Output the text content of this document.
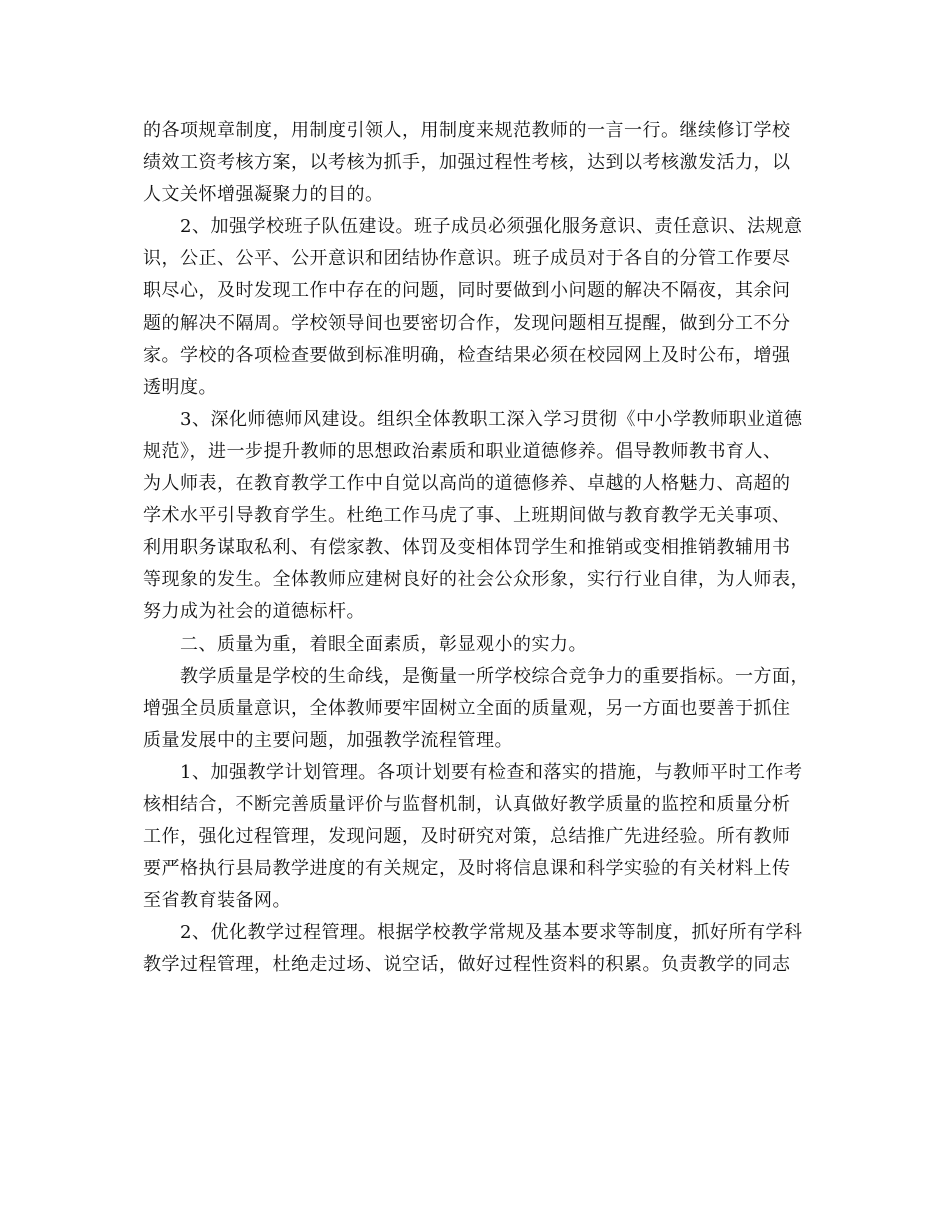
的各项规章制度，用制度引领人，用制度来规范教师的一言一行。继续修订学校
绩效工资考核方案，以考核为抓手，加强过程性考核，达到以考核激发活力，以
人文关怀增强凝聚力的目的。
2、加强学校班子队伍建设。班子成员必须强化服务意识、责任意识、法规意
识，公正、公平、公开意识和团结协作意识。班子成员对于各自的分管工作要尽
职尽心，及时发现工作中存在的问题，同时要做到小问题的解决不隔夜，其余问
题的解决不隔周。学校领导间也要密切合作，发现问题相互提醒，做到分工不分
家。学校的各项检查要做到标准明确，检查结果必须在校园网上及时公布，增强
透明度。
3、深化师德师风建设。组织全体教职工深入学习贯彻《中小学教师职业道德
规范》，进一步提升教师的思想政治素质和职业道德修养。倡导教师教书育人、
为人师表，在教育教学工作中自觉以高尚的道德修养、卓越的人格魅力、高超的
学术水平引导教育学生。杜绝工作马虎了事、上班期间做与教育教学无关事项、
利用职务谋取私利、有偿家教、体罚及变相体罚学生和推销或变相推销教辅用书
等现象的发生。全体教师应建树良好的社会公众形象，实行行业自律，为人师表，
努力成为社会的道德标杆。
二、质量为重，着眼全面素质，彰显观小的实力。
教学质量是学校的生命线，是衡量一所学校综合竞争力的重要指标。一方面，
增强全员质量意识，全体教师要牢固树立全面的质量观，另一方面也要善于抓住
质量发展中的主要问题，加强教学流程管理。
1、加强教学计划管理。各项计划要有检查和落实的措施，与教师平时工作考
核相结合，不断完善质量评价与监督机制，认真做好教学质量的监控和质量分析
工作，强化过程管理，发现问题，及时研究对策，总结推广先进经验。所有教师
要严格执行县局教学进度的有关规定，及时将信息课和科学实验的有关材料上传
至省教育装备网。
2、优化教学过程管理。根据学校教学常规及基本要求等制度，抓好所有学科
教学过程管理，杜绝走过场、说空话，做好过程性资料的积累。负责教学的同志
